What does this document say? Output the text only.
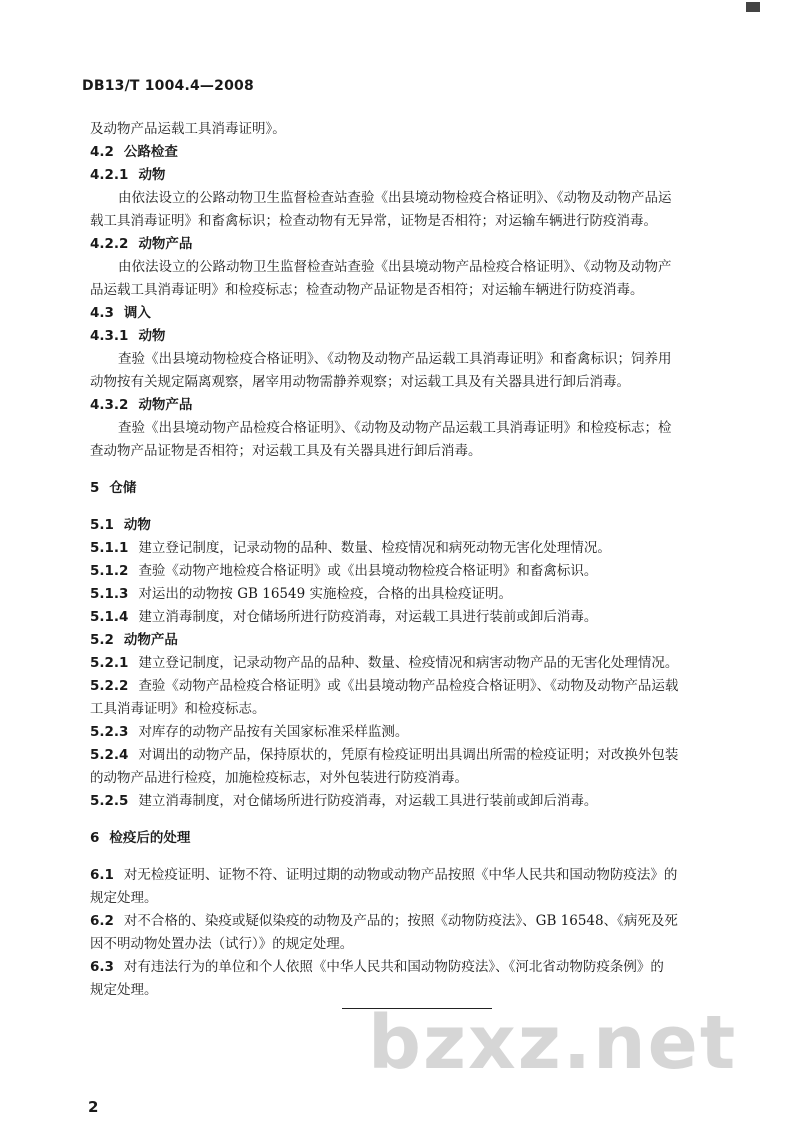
DB13/T 1004.4—2008
及动物产品运载工具消毒证明》。
4.2 公路检查
4.2.1 动物
由依法设立的公路动物卫生监督检查站查验《出县境动物检疫合格证明》、《动物及动物产品运
载工具消毒证明》和畜禽标识；检查动物有无异常，证物是否相符；对运输车辆进行防疫消毒。
4.2.2 动物产品
由依法设立的公路动物卫生监督检查站查验《出县境动物产品检疫合格证明》、《动物及动物产
品运载工具消毒证明》和检疫标志；检查动物产品证物是否相符；对运输车辆进行防疫消毒。
4.3 调入
4.3.1 动物
查验《出县境动物检疫合格证明》、《动物及动物产品运载工具消毒证明》和畜禽标识；饲养用
动物按有关规定隔离观察，屠宰用动物需静养观察；对运载工具及有关器具进行卸后消毒。
4.3.2 动物产品
查验《出县境动物产品检疫合格证明》、《动物及动物产品运载工具消毒证明》和检疫标志；检
查动物产品证物是否相符；对运载工具及有关器具进行卸后消毒。
5 仓储
5.1 动物
5.1.1 建立登记制度，记录动物的品种、数量、检疫情况和病死动物无害化处理情况。
5.1.2 查验《动物产地检疫合格证明》或《出县境动物检疫合格证明》和畜禽标识。
5.1.3 对运出的动物按 GB 16549 实施检疫，合格的出具检疫证明。
5.1.4 建立消毒制度，对仓储场所进行防疫消毒，对运载工具进行装前或卸后消毒。
5.2 动物产品
5.2.1 建立登记制度，记录动物产品的品种、数量、检疫情况和病害动物产品的无害化处理情况。
5.2.2 查验《动物产品检疫合格证明》或《出县境动物产品检疫合格证明》、《动物及动物产品运载
工具消毒证明》和检疫标志。
5.2.3 对库存的动物产品按有关国家标准采样监测。
5.2.4 对调出的动物产品，保持原状的，凭原有检疫证明出具调出所需的检疫证明；对改换外包装
的动物产品进行检疫，加施检疫标志，对外包装进行防疫消毒。
5.2.5 建立消毒制度，对仓储场所进行防疫消毒，对运载工具进行装前或卸后消毒。
6 检疫后的处理
6.1 对无检疫证明、证物不符、证明过期的动物或动物产品按照《中华人民共和国动物防疫法》的
规定处理。
6.2 对不合格的、染疫或疑似染疫的动物及产品的；按照《动物防疫法》、GB 16548、《病死及死
因不明动物处置办法（试行）》的规定处理。
6.3 对有违法行为的单位和个人依照《中华人民共和国动物防疫法》、《河北省动物防疫条例》的
规定处理。
bzxz.net
2
